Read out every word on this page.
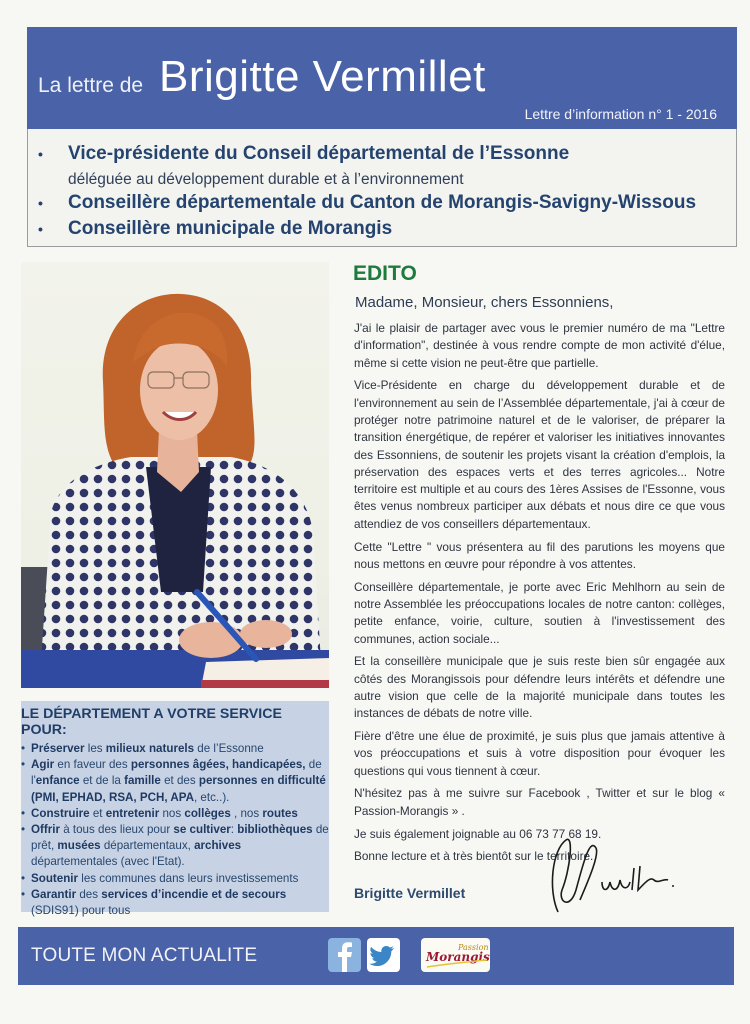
La lettre de Brigitte Vermillet
Lettre d’information n° 1 - 2016
•	Vice-présidente du Conseil départemental de l’Essonne
déléguée au développement durable et à l’environnement
•	Conseillère départementale du Canton de Morangis-Savigny-Wissous
•	Conseillère municipale de Morangis
EDITO
Madame, Monsieur, chers Essonniens,

J'ai le plaisir de partager avec vous le premier numéro de ma "Lettre d'information", destinée à vous rendre compte de mon activité d'élue, même si cette vision ne peut-être que partielle.

Vice-Présidente en charge du développement durable et de l'environnement au sein de l’Assemblée départementale, j'ai à cœur de protéger notre patrimoine naturel et de le valoriser, de préparer la transition énergétique, de repérer et valoriser les initiatives innovantes des Essonniens, de soutenir les projets visant la création d'emplois, la préservation des espaces verts et des terres agricoles... Notre territoire est multiple et au cours des 1ères Assises de l'Essonne, vous êtes venus nombreux participer aux débats et nous dire ce que vous attendiez de vos conseillers départementaux.

Cette "Lettre " vous présentera au fil des parutions les moyens que nous mettons en œuvre pour répondre à vos attentes.

Conseillère départementale, je porte avec Eric Mehlhorn au sein de notre Assemblée les préoccupations locales de notre canton: collèges, petite enfance, voirie, culture, soutien à l'investissement des communes, action sociale...

Et la conseillère municipale que je suis reste bien sûr engagée aux côtés des Morangissois pour défendre leurs intérêts et défendre une autre vision que celle de la majorité municipale dans toutes les instances de débats de notre ville.

Fière d'être une élue de proximité, je suis plus que jamais attentive à vos préoccupations et suis à votre disposition pour évoquer les questions qui vous tiennent à cœur.

N'hésitez pas à me suivre sur Facebook , Twitter et sur le blog « Passion-Morangis » .

Je suis également joignable au 06 73 77 68 19.

Bonne lecture et à très bientôt sur le territoire.

Brigitte Vermillet
LE DÉPARTEMENT A VOTRE SERVICE POUR:
• Préserver les milieux naturels de l’Essonne
• Agir en faveur des personnes âgées, handicapées, de l'enfance et de la famille et des personnes en difficulté (PMI, EPHAD, RSA, PCH, APA, etc..).
• Construire et entretenir nos collèges , nos routes
• Offrir à tous des lieux pour se cultiver: bibliothèques de prêt, musées départementaux, archives départementales (avec l'Etat).
• Soutenir les communes dans leurs investissements
• Garantir des services d’incendie et de secours (SDIS91) pour tous
TOUTE MON ACTUALITE	Passion
Morangis
